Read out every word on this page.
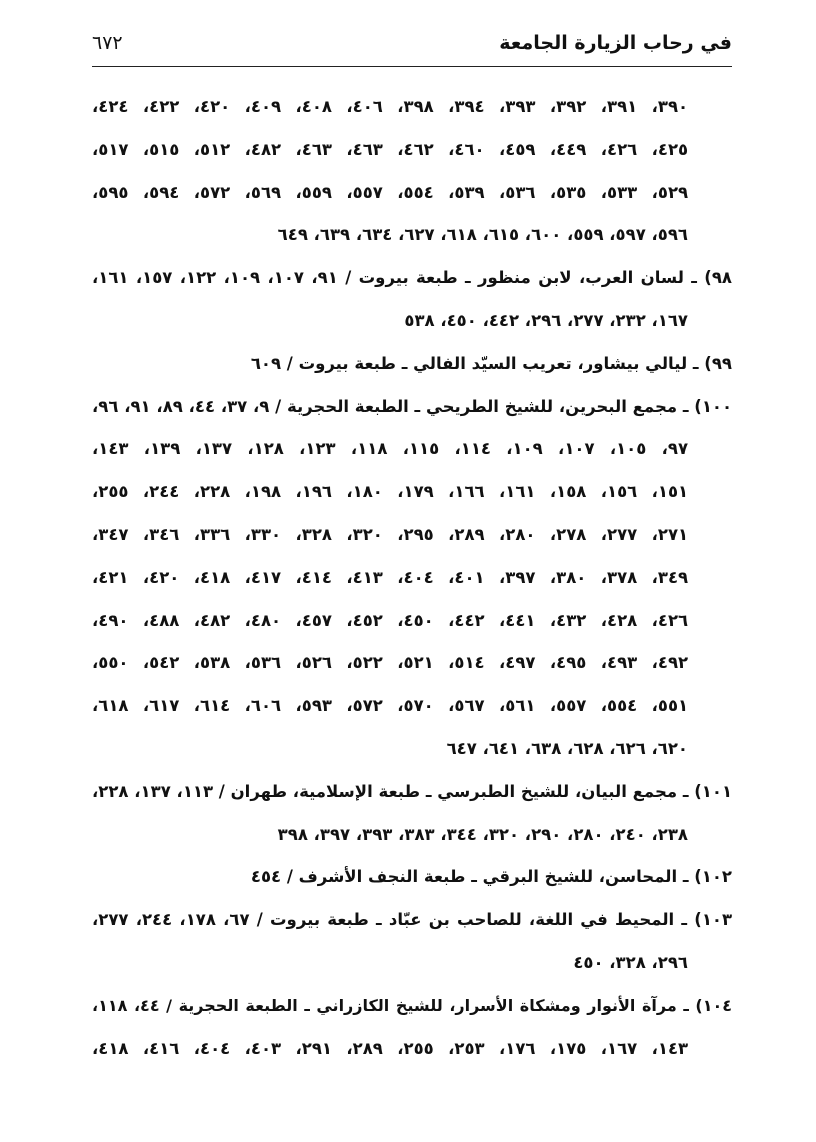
في رحاب الزيارة الجامعة
٦٧٢
٣٩٠، ٣٩١، ٣٩٢، ٣٩٣، ٣٩٤، ٣٩٨، ٤٠٦، ٤٠٨، ٤٠٩، ٤٢٠، ٤٢٢، ٤٢٤،
٤٢٥، ٤٢٦، ٤٤٩، ٤٥٩، ٤٦٠، ٤٦٢، ٤٦٣، ٤٦٣، ٤٨٢، ٥١٢، ٥١٥، ٥١٧،
٥٢٩، ٥٣٣، ٥٣٥، ٥٣٦، ٥٣٩، ٥٥٤، ٥٥٧، ٥٥٩، ٥٦٩، ٥٧٢، ٥٩٤، ٥٩٥،
٥٩٦، ٥٩٧، ٥٥٩، ٦٠٠، ٦١٥، ٦١٨، ٦٢٧، ٦٣٤، ٦٣٩، ٦٤٩
٩٨) ـ لسان العرب، لابن منظور ـ طبعة بيروت / ٩١، ١٠٧، ١٠٩، ١٢٢، ١٥٧، ١٦١،
١٦٧، ٢٣٢، ٢٧٧، ٢٩٦، ٤٤٢، ٤٥٠، ٥٣٨
٩٩) ـ ليالي بيشاور، تعريب السيّد الفالي ـ طبعة بيروت / ٦٠٩
١٠٠) ـ مجمع البحرين، للشيخ الطريحي ـ الطبعة الحجرية / ٩، ٣٧، ٤٤، ٨٩، ٩١، ٩٦،
٩٧، ١٠٥، ١٠٧، ١٠٩، ١١٤، ١١٥، ١١٨، ١٢٣، ١٢٨، ١٣٧، ١٣٩، ١٤٣،
١٥١، ١٥٦، ١٥٨، ١٦١، ١٦٦، ١٧٩، ١٨٠، ١٩٦، ١٩٨، ٢٢٨، ٢٤٤، ٢٥٥،
٢٧١، ٢٧٧، ٢٧٨، ٢٨٠، ٢٨٩، ٢٩٥، ٣٢٠، ٣٢٨، ٣٣٠، ٣٣٦، ٣٤٦، ٣٤٧،
٣٤٩، ٣٧٨، ٣٨٠، ٣٩٧، ٤٠١، ٤٠٤، ٤١٣، ٤١٤، ٤١٧، ٤١٨، ٤٢٠، ٤٢١،
٤٢٦، ٤٢٨، ٤٣٢، ٤٤١، ٤٤٢، ٤٥٠، ٤٥٢، ٤٥٧، ٤٨٠، ٤٨٢، ٤٨٨، ٤٩٠،
٤٩٢، ٤٩٣، ٤٩٥، ٤٩٧، ٥١٤، ٥٢١، ٥٢٢، ٥٢٦، ٥٣٦، ٥٣٨، ٥٤٢، ٥٥٠،
٥٥١، ٥٥٤، ٥٥٧، ٥٦١، ٥٦٧، ٥٧٠، ٥٧٢، ٥٩٣، ٦٠٦، ٦١٤، ٦١٧، ٦١٨،
٦٢٠، ٦٢٦، ٦٢٨، ٦٣٨، ٦٤١، ٦٤٧
١٠١) ـ مجمع البيان، للشيخ الطبرسي ـ طبعة الإسلامية، طهران / ١١٣، ١٣٧، ٢٢٨،
٢٣٨، ٢٤٠، ٢٨٠، ٢٩٠، ٣٢٠، ٣٤٤، ٣٨٣، ٣٩٣، ٣٩٧، ٣٩٨
١٠٢) ـ المحاسن، للشيخ البرقي ـ طبعة النجف الأشرف / ٤٥٤
١٠٣) ـ المحيط في اللغة، للصاحب بن عبّاد ـ طبعة بيروت / ٦٧، ١٧٨، ٢٤٤، ٢٧٧،
٢٩٦، ٣٢٨، ٤٥٠
١٠٤) ـ مرآة الأنوار ومشكاة الأسرار، للشيخ الكازراني ـ الطبعة الحجرية / ٤٤، ١١٨،
١٤٣، ١٦٧، ١٧٥، ١٧٦، ٢٥٣، ٢٥٥، ٢٨٩، ٢٩١، ٤٠٣، ٤٠٤، ٤١٦، ٤١٨،
